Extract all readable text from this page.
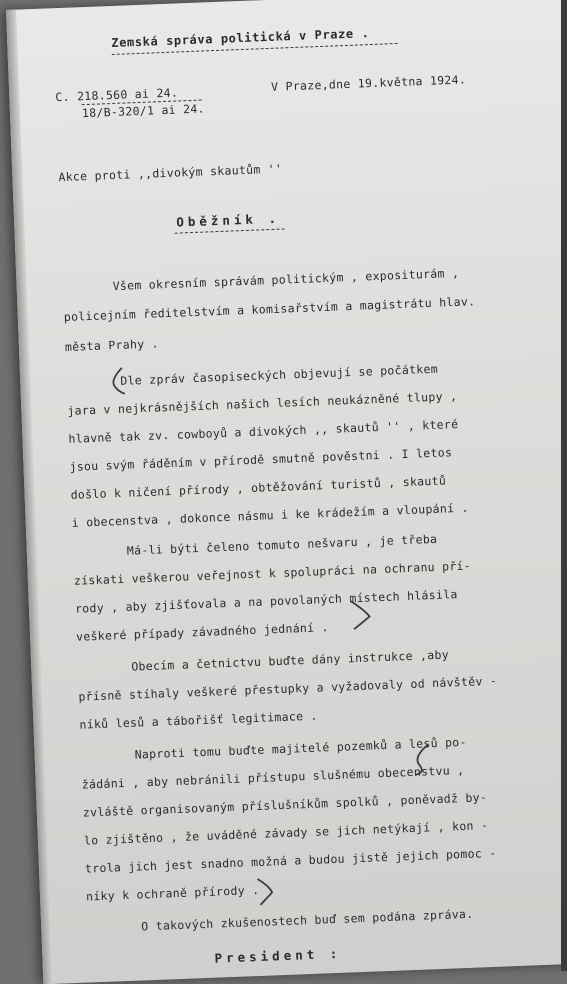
Zemská správa politická v Praze .
C. 218.560 ai 24.
18/B-320/1 ai 24.
V Praze,dne 19.května 1924.
Akce proti ,,divokým skautům ''
Oběžník .
Všem okresním správám politickým , expositurám ,
policejním ředitelstvím a komisařstvím a magistrátu hlav.
města Prahy .
Dle zpráv časopiseckých objevují se počátkem
jara v nejkrásnějších našich lesích neukázněné tlupy ,
hlavně tak zv. cowboyů a divokých ,, skautů '' , které
jsou svým řáděním v přírodě smutně pověstni . I letos
došlo k ničení přírody , obtěžování turistů , skautů
i obecenstva , dokonce násmu i ke krádežím a vloupání .
Má-li býti čeleno tomuto nešvaru , je třeba
získati veškerou veřejnost k spolupráci na ochranu pří-
rody , aby zjišťovala a na povolaných místech hlásila
veškeré případy závadného jednání .
Obecím a četnictvu buďte dány instrukce ,aby
přísně stíhaly veškeré přestupky a vyžadovaly od návštěv -
níků lesů a tábořišť legitimace .
Naproti tomu buďte majitelé pozemků a lesů po-
žádáni , aby nebránili přístupu slušnému obecenstvu ,
zvláště organisovaným příslušníkům spolků , poněvadž by-
lo zjištěno , že uváděné závady se jich netýkají , kon -
trola jich jest snadno možná a budou jistě jejich pomoc -
níky k ochraně přírody .
O takových zkušenostech buď sem podána zpráva.
President :
